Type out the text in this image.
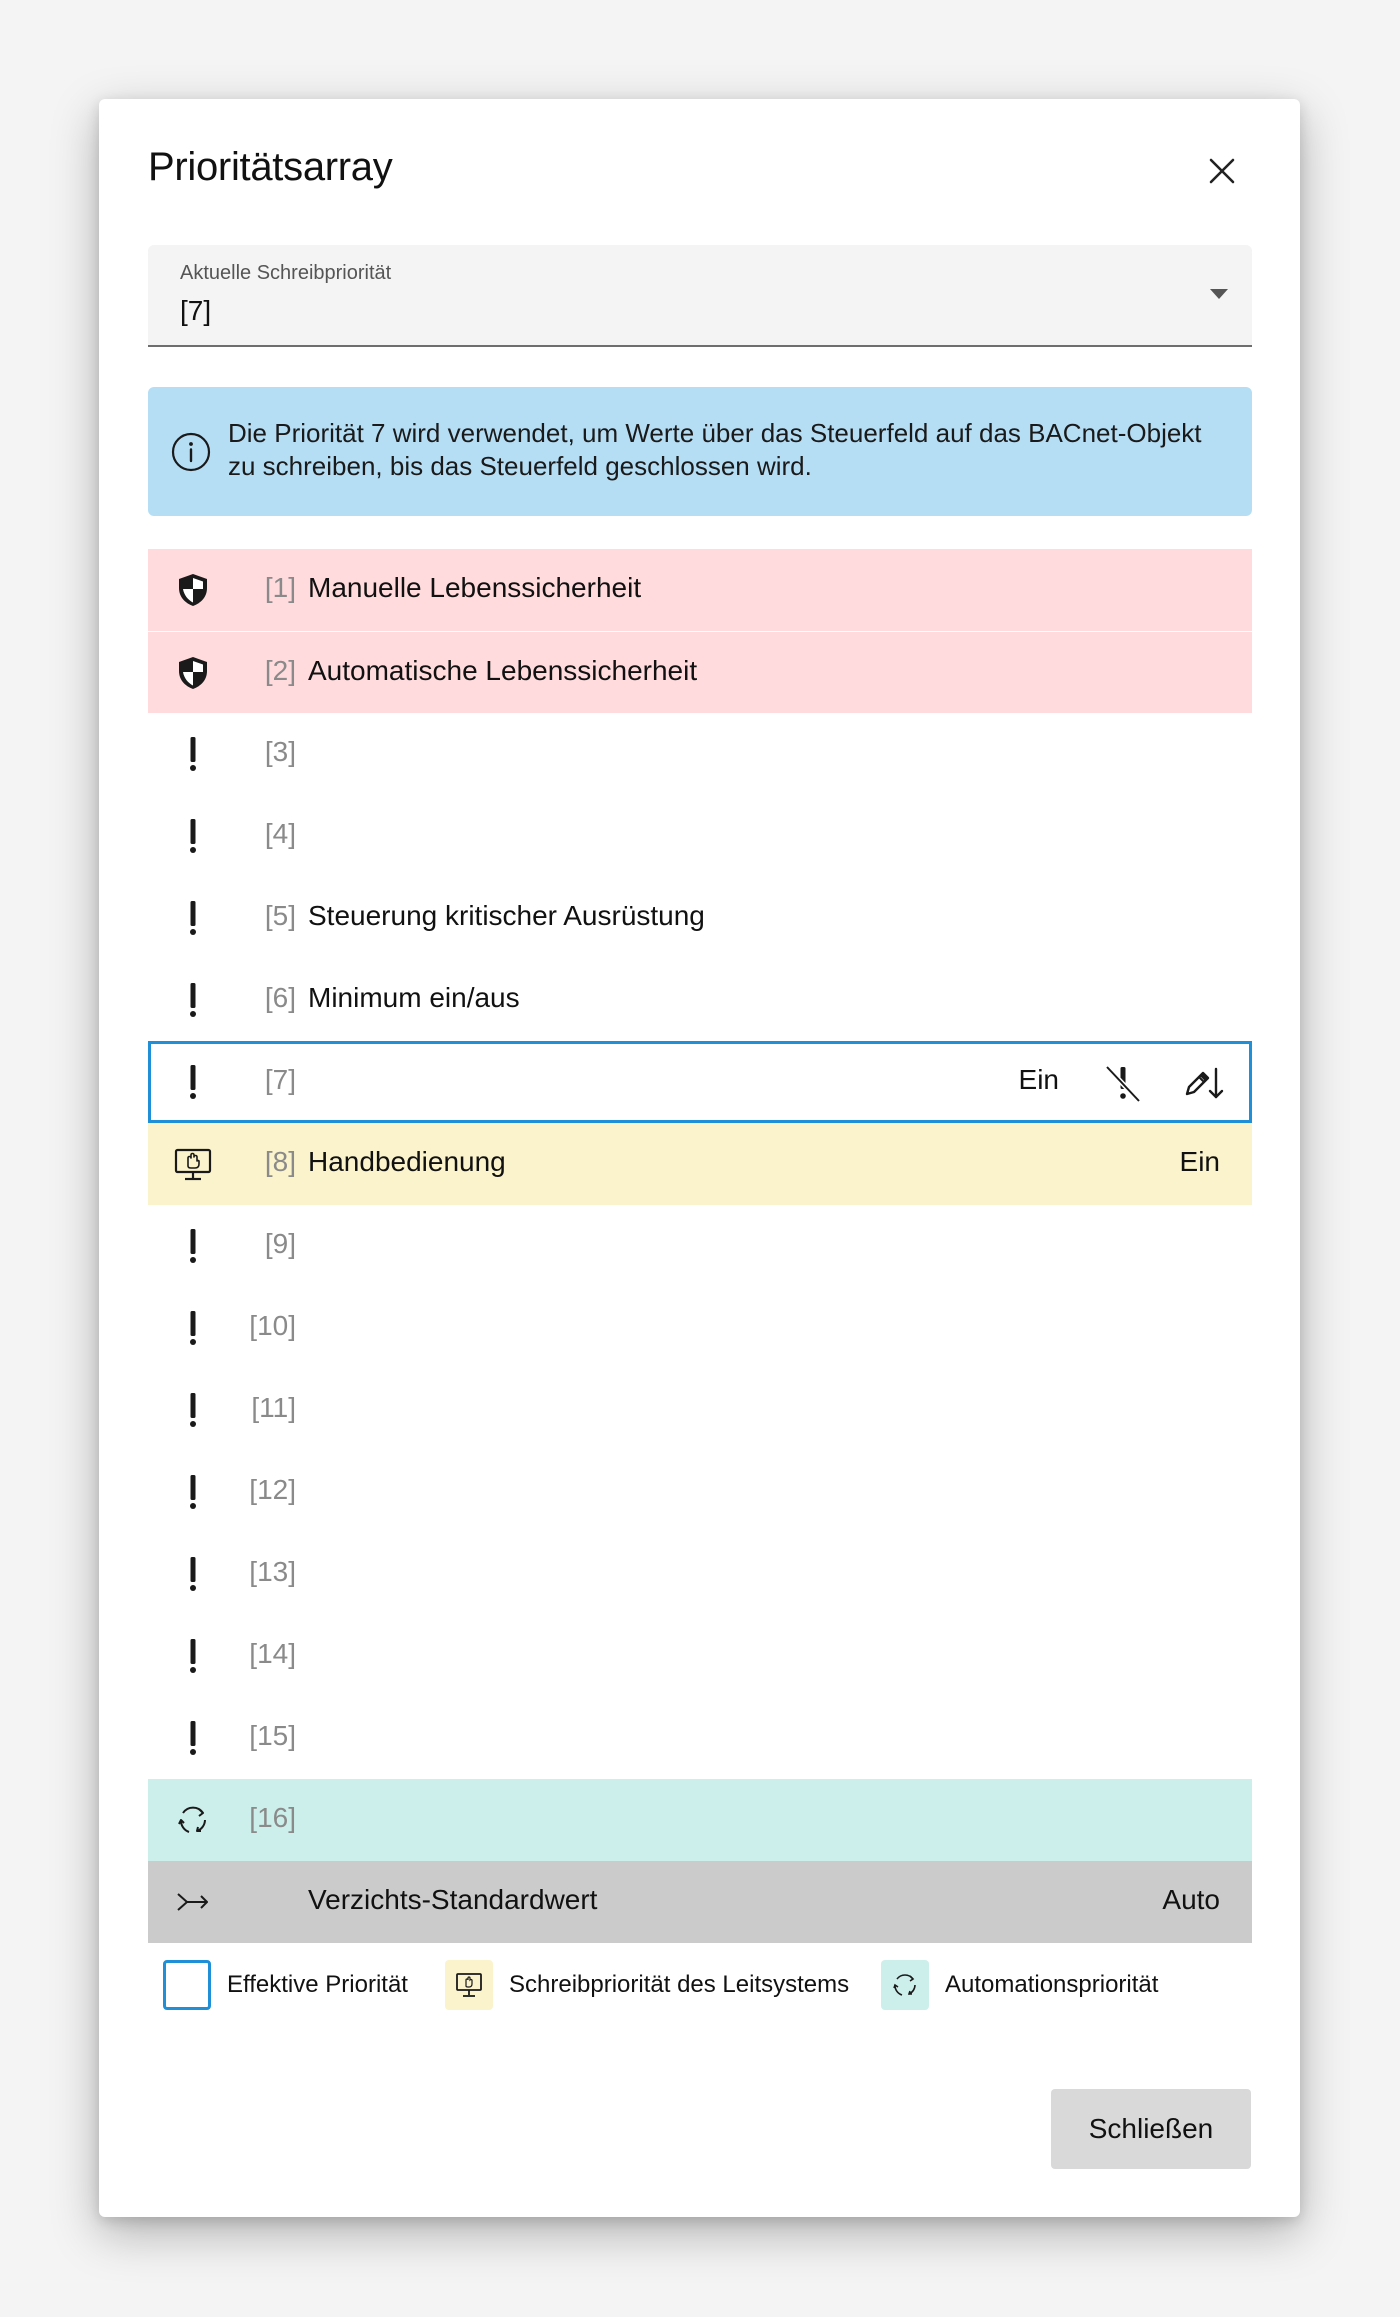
Prioritätsarray
Aktuelle Schreibpriorität
[7]
Die Priorität 7 wird verwendet, um Werte über das Steuerfeld auf das BACnet-Objekt zu schreiben, bis das Steuerfeld geschlossen wird.
[1] Manuelle Lebenssicherheit
[2] Automatische Lebenssicherheit
[3]
[4]
[5] Steuerung kritischer Ausrüstung
[6] Minimum ein/aus
[7]	Ein
[8] Handbedienung	Ein
[9]
[10]
[11]
[12]
[13]
[14]
[15]
[16]
Verzichts-Standardwert	Auto
Effektive Priorität	Schreibpriorität des Leitsystems	Automationspriorität
Schließen
